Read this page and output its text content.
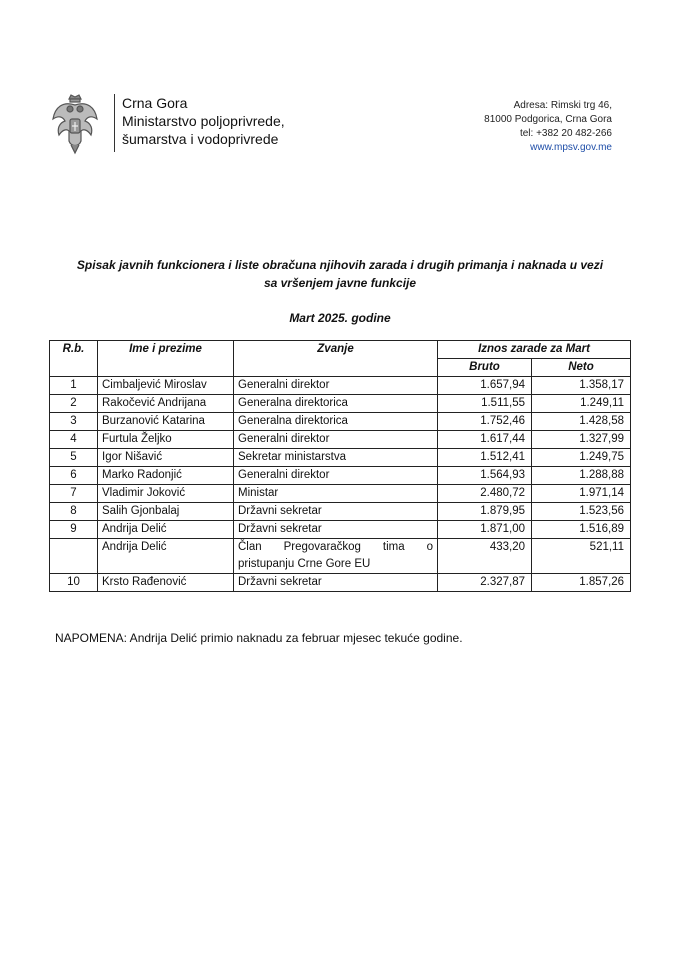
Crna Gora
Ministarstvo poljoprivrede,
šumarstva i vodoprivrede
Adresa: Rimski trg 46,
81000 Podgorica, Crna Gora
tel: +382 20 482-266
www.mpsv.gov.me
Spisak javnih funkcionera i liste obračuna njihovih zarada i drugih primanja i naknada u vezi
sa vršenjem javne funkcije
Mart 2025. godine
R.b.	Ime i prezime	Zvanje	Iznos zarade za Mart	
			Bruto	Neto
1	Cimbaljević Miroslav	Generalni direktor	1.657,94	1.358,17
2	Rakočević Andrijana	Generalna direktorica	1.511,55	1.249,11
3	Burzanović Katarina	Generalna direktorica	1.752,46	1.428,58
4	Furtula Željko	Generalni direktor	1.617,44	1.327,99
5	Igor Nišavić	Sekretar ministarstva	1.512,41	1.249,75
6	Marko Radonjić	Generalni direktor	1.564,93	1.288,88
7	Vladimir Joković	Ministar	2.480,72	1.971,14
8	Salih Gjonbalaj	Državni sekretar	1.879,95	1.523,56
9	Andrija Delić	Državni sekretar	1.871,00	1.516,89
	Andrija Delić	Član Pregovaračkog tima o pristupanju Crne Gore EU	433,20	521,11
10	Krsto Rađenović	Državni sekretar	2.327,87	1.857,26
NAPOMENA: Andrija Delić primio naknadu za februar mjesec tekuće godine.
